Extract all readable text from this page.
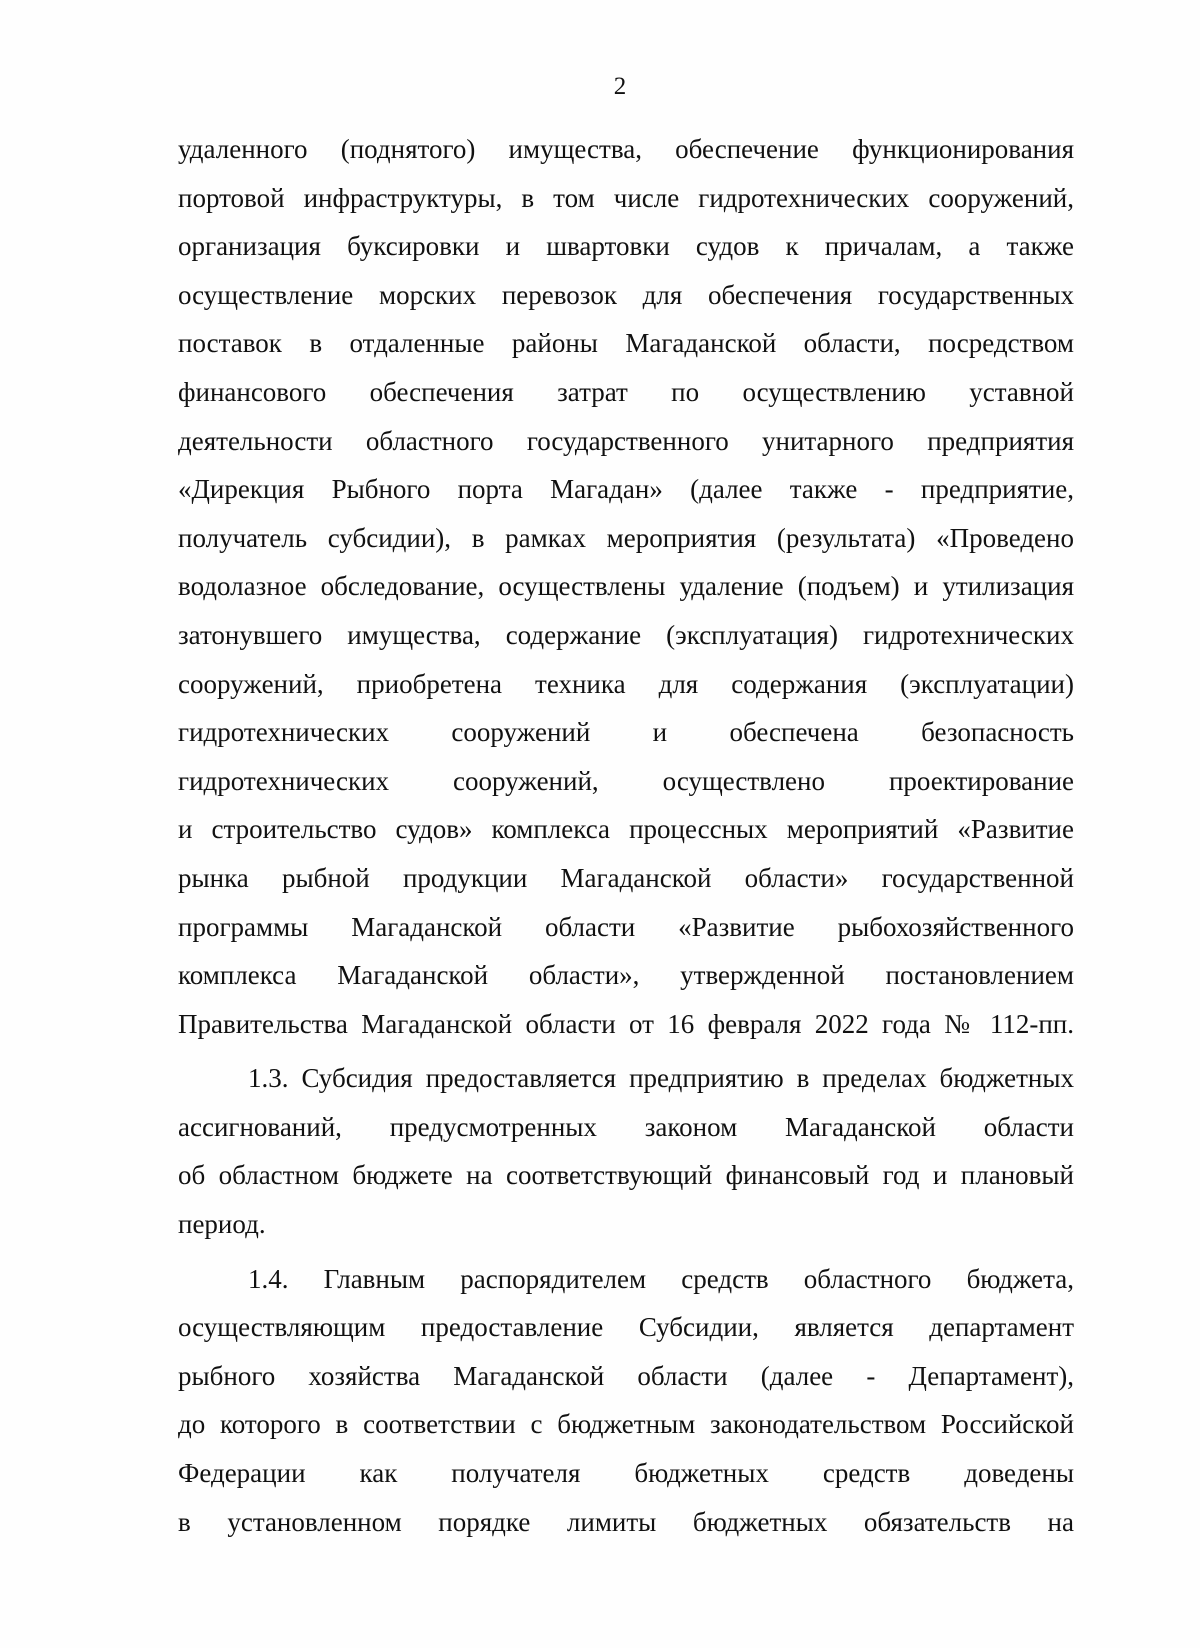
2
удаленного (поднятого) имущества, обеспечение функционирования
портовой инфраструктуры, в том числе гидротехнических сооружений,
организация буксировки и швартовки судов к причалам, а также
осуществление морских перевозок для обеспечения государственных
поставок в отдаленные районы Магаданской области, посредством
финансового обеспечения затрат по осуществлению уставной
деятельности областного государственного унитарного предприятия
«Дирекция Рыбного порта Магадан» (далее также - предприятие,
получатель субсидии), в рамках мероприятия (результата) «Проведено
водолазное обследование, осуществлены удаление (подъем) и утилизация
затонувшего имущества, содержание (эксплуатация) гидротехнических
сооружений, приобретена техника для содержания (эксплуатации)
гидротехнических сооружений и обеспечена безопасность
гидротехнических сооружений, осуществлено проектирование
и строительство судов» комплекса процессных мероприятий «Развитие
рынка рыбной продукции Магаданской области» государственной
программы Магаданской области «Развитие рыбохозяйственного
комплекса Магаданской области», утвержденной постановлением
Правительства Магаданской области от 16 февраля 2022 года № 112-пп.
1.3. Субсидия предоставляется предприятию в пределах бюджетных
ассигнований, предусмотренных законом Магаданской области
об областном бюджете на соответствующий финансовый год и плановый
период.
1.4. Главным распорядителем средств областного бюджета,
осуществляющим предоставление Субсидии, является департамент
рыбного хозяйства Магаданской области (далее - Департамент),
до которого в соответствии с бюджетным законодательством Российской
Федерации как получателя бюджетных средств доведены
в установленном порядке лимиты бюджетных обязательств на
